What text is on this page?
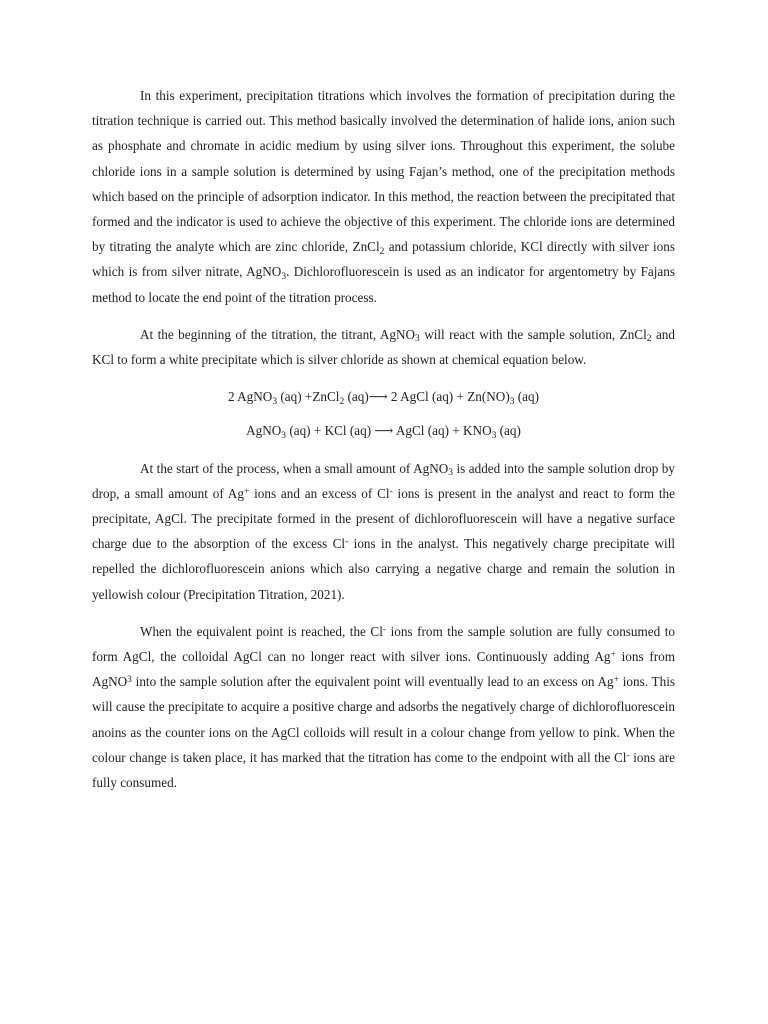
In this experiment, precipitation titrations which involves the formation of precipitation during the titration technique is carried out. This method basically involved the determination of halide ions, anion such as phosphate and chromate in acidic medium by using silver ions. Throughout this experiment, the solube chloride ions in a sample solution is determined by using Fajan’s method, one of the precipitation methods which based on the principle of adsorption indicator. In this method, the reaction between the precipitated that formed and the indicator is used to achieve the objective of this experiment. The chloride ions are determined by titrating the analyte which are zinc chloride, ZnCl$_2$ and potassium chloride, KCl directly with silver ions which is from silver nitrate, AgNO$_3$. Dichlorofluorescein is used as an indicator for argentometry by Fajans method to locate the end point of the titration process.

At the beginning of the titration, the titrant, AgNO$_3$ will react with the sample solution, ZnCl$_2$ and KCl to form a white precipitate which is silver chloride as shown at chemical equation below.

2 AgNO$_3$ (aq) +ZnCl$_2$ (aq)⟶ 2 AgCl $(aq) + Zn(NO)_3$ (aq)

AgNO$_3$ (aq) + KCl (aq) ⟶ AgCl $(aq) + KNO_3$ (aq)

At the start of the process, when a small amount of AgNO$_3$ is added into the sample solution drop by drop, a small amount of Ag+ ions and an excess of Cl- ions is present in the analyst and react to form the precipitate, AgCl. The precipitate formed in the present of dichlorofluorescein will have a negative surface charge due to the absorption of the excess Cl- ions in the analyst. This negatively charge precipitate will repelled the dichlorofluorescein anions which also carrying a negative charge and remain the solution in yellowish colour (Precipitation Titration, 2021).

When the equivalent point is reached, the Cl- ions from the sample solution are fully consumed to form AgCl, the colloidal AgCl can no longer react with silver ions. Continuously adding Ag+ ions from AgNO$^3$ into the sample solution after the equivalent point will eventually lead to an excess on Ag+ ions. This will cause the precipitate to acquire a positive charge and adsorbs the negatively charge of dichlorofluorescein anoins as the counter ions on the AgCl colloids will result in a colour change from yellow to pink. When the colour change is taken place, it has marked that the titration has come to the endpoint with all the Cl- ions are fully consumed.
